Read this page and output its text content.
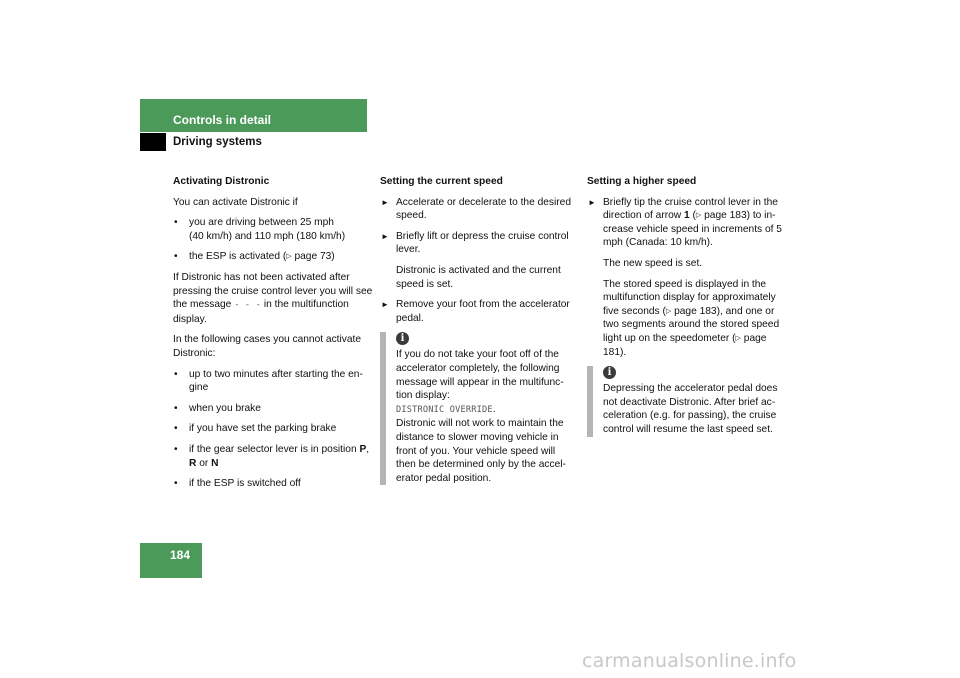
Controls in detail
Driving systems
Activating Distronic

You can activate Distronic if

• you are driving between 25 mph
(40 km/h) and 110 mph (180 km/h)
• the ESP is activated (▷ page 73)

If Distronic has not been activated after pressing the cruise control lever you will see the message - - - in the multifunction display.

In the following cases you cannot activate Distronic:

• up to two minutes after starting the en-gine
• when you brake
• if you have set the parking brake
• if the gear selector lever is in position P, R or N
• if the ESP is switched off
Setting the current speed
► Accelerate or decelerate to the desired speed.
► Briefly lift or depress the cruise control lever.
Distronic is activated and the current speed is set.
► Remove your foot from the accelerator pedal.
i

If you do not take your foot off of the accelerator completely, the following message will appear in the multifunc-tion display:
DISTRONIC OVERRIDE.
Distronic will not work to maintain the distance to slower moving vehicle in front of you. Your vehicle speed will then be determined only by the accel-erator pedal position.

Setting a higher speed
► Briefly tip the cruise control lever in the direction of arrow 1 (▷ page 183) to in-crease vehicle speed in increments of 5 mph (Canada: 10 km/h).
The new speed is set.
The stored speed is displayed in the multifunction display for approximately five seconds (▷ page 183), and one or two segments around the stored speed light up on the speedometer (▷ page 181).
i

Depressing the accelerator pedal does not deactivate Distronic. After brief ac-celeration (e.g. for passing), the cruise control will resume the last speed set.

184
carmanualsonline.info
